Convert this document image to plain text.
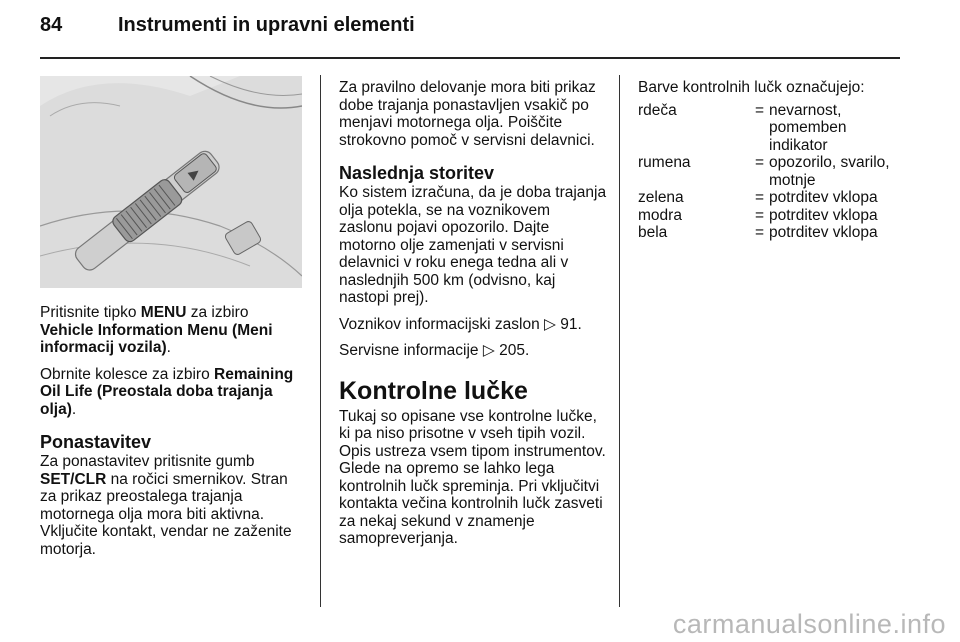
84	Instrumenti in upravni elementi

Pritisnite tipko MENU za izbiro Vehicle Information Menu (Meni informacij vozila).

Obrnite kolesce za izbiro Remaining Oil Life (Preostala doba trajanja olja).

Ponastavitev

Za ponastavitev pritisnite gumb SET/CLR na ročici smernikov. Stran za prikaz preostalega trajanja motornega olja mora biti aktivna. Vključite kontakt, vendar ne zaženite motorja.

Za pravilno delovanje mora biti prikaz dobe trajanja ponastavljen vsakič po menjavi motornega olja. Poiščite strokovno pomoč v servisni delavnici.

Naslednja storitev

Ko sistem izračuna, da je doba trajanja olja potekla, se na voznikovem zaslonu pojavi opozorilo. Dajte motorno olje zamenjati v servisni delavnici v roku enega tedna ali v naslednjih 500 km (odvisno, kaj nastopi prej).

Voznikov informacijski zaslon ▷ 91.

Servisne informacije ▷ 205.

Kontrolne lučke

Tukaj so opisane vse kontrolne lučke, ki pa niso prisotne v vseh tipih vozil. Opis ustreza vsem tipom instrumentov. Glede na opremo se lahko lega kontrolnih lučk spreminja. Pri vključitvi kontakta večina kontrolnih lučk zasveti za nekaj sekund v znamenje samopreverjanja.

Barve kontrolnih lučk označujejo:

rdeča	=	nevarnost, pomemben indikator
rumena	=	opozorilo, svarilo, motnje
zelena	=	potrditev vklopa
modra	=	potrditev vklopa
bela	=	potrditev vklopa
carmanualsonline.info
